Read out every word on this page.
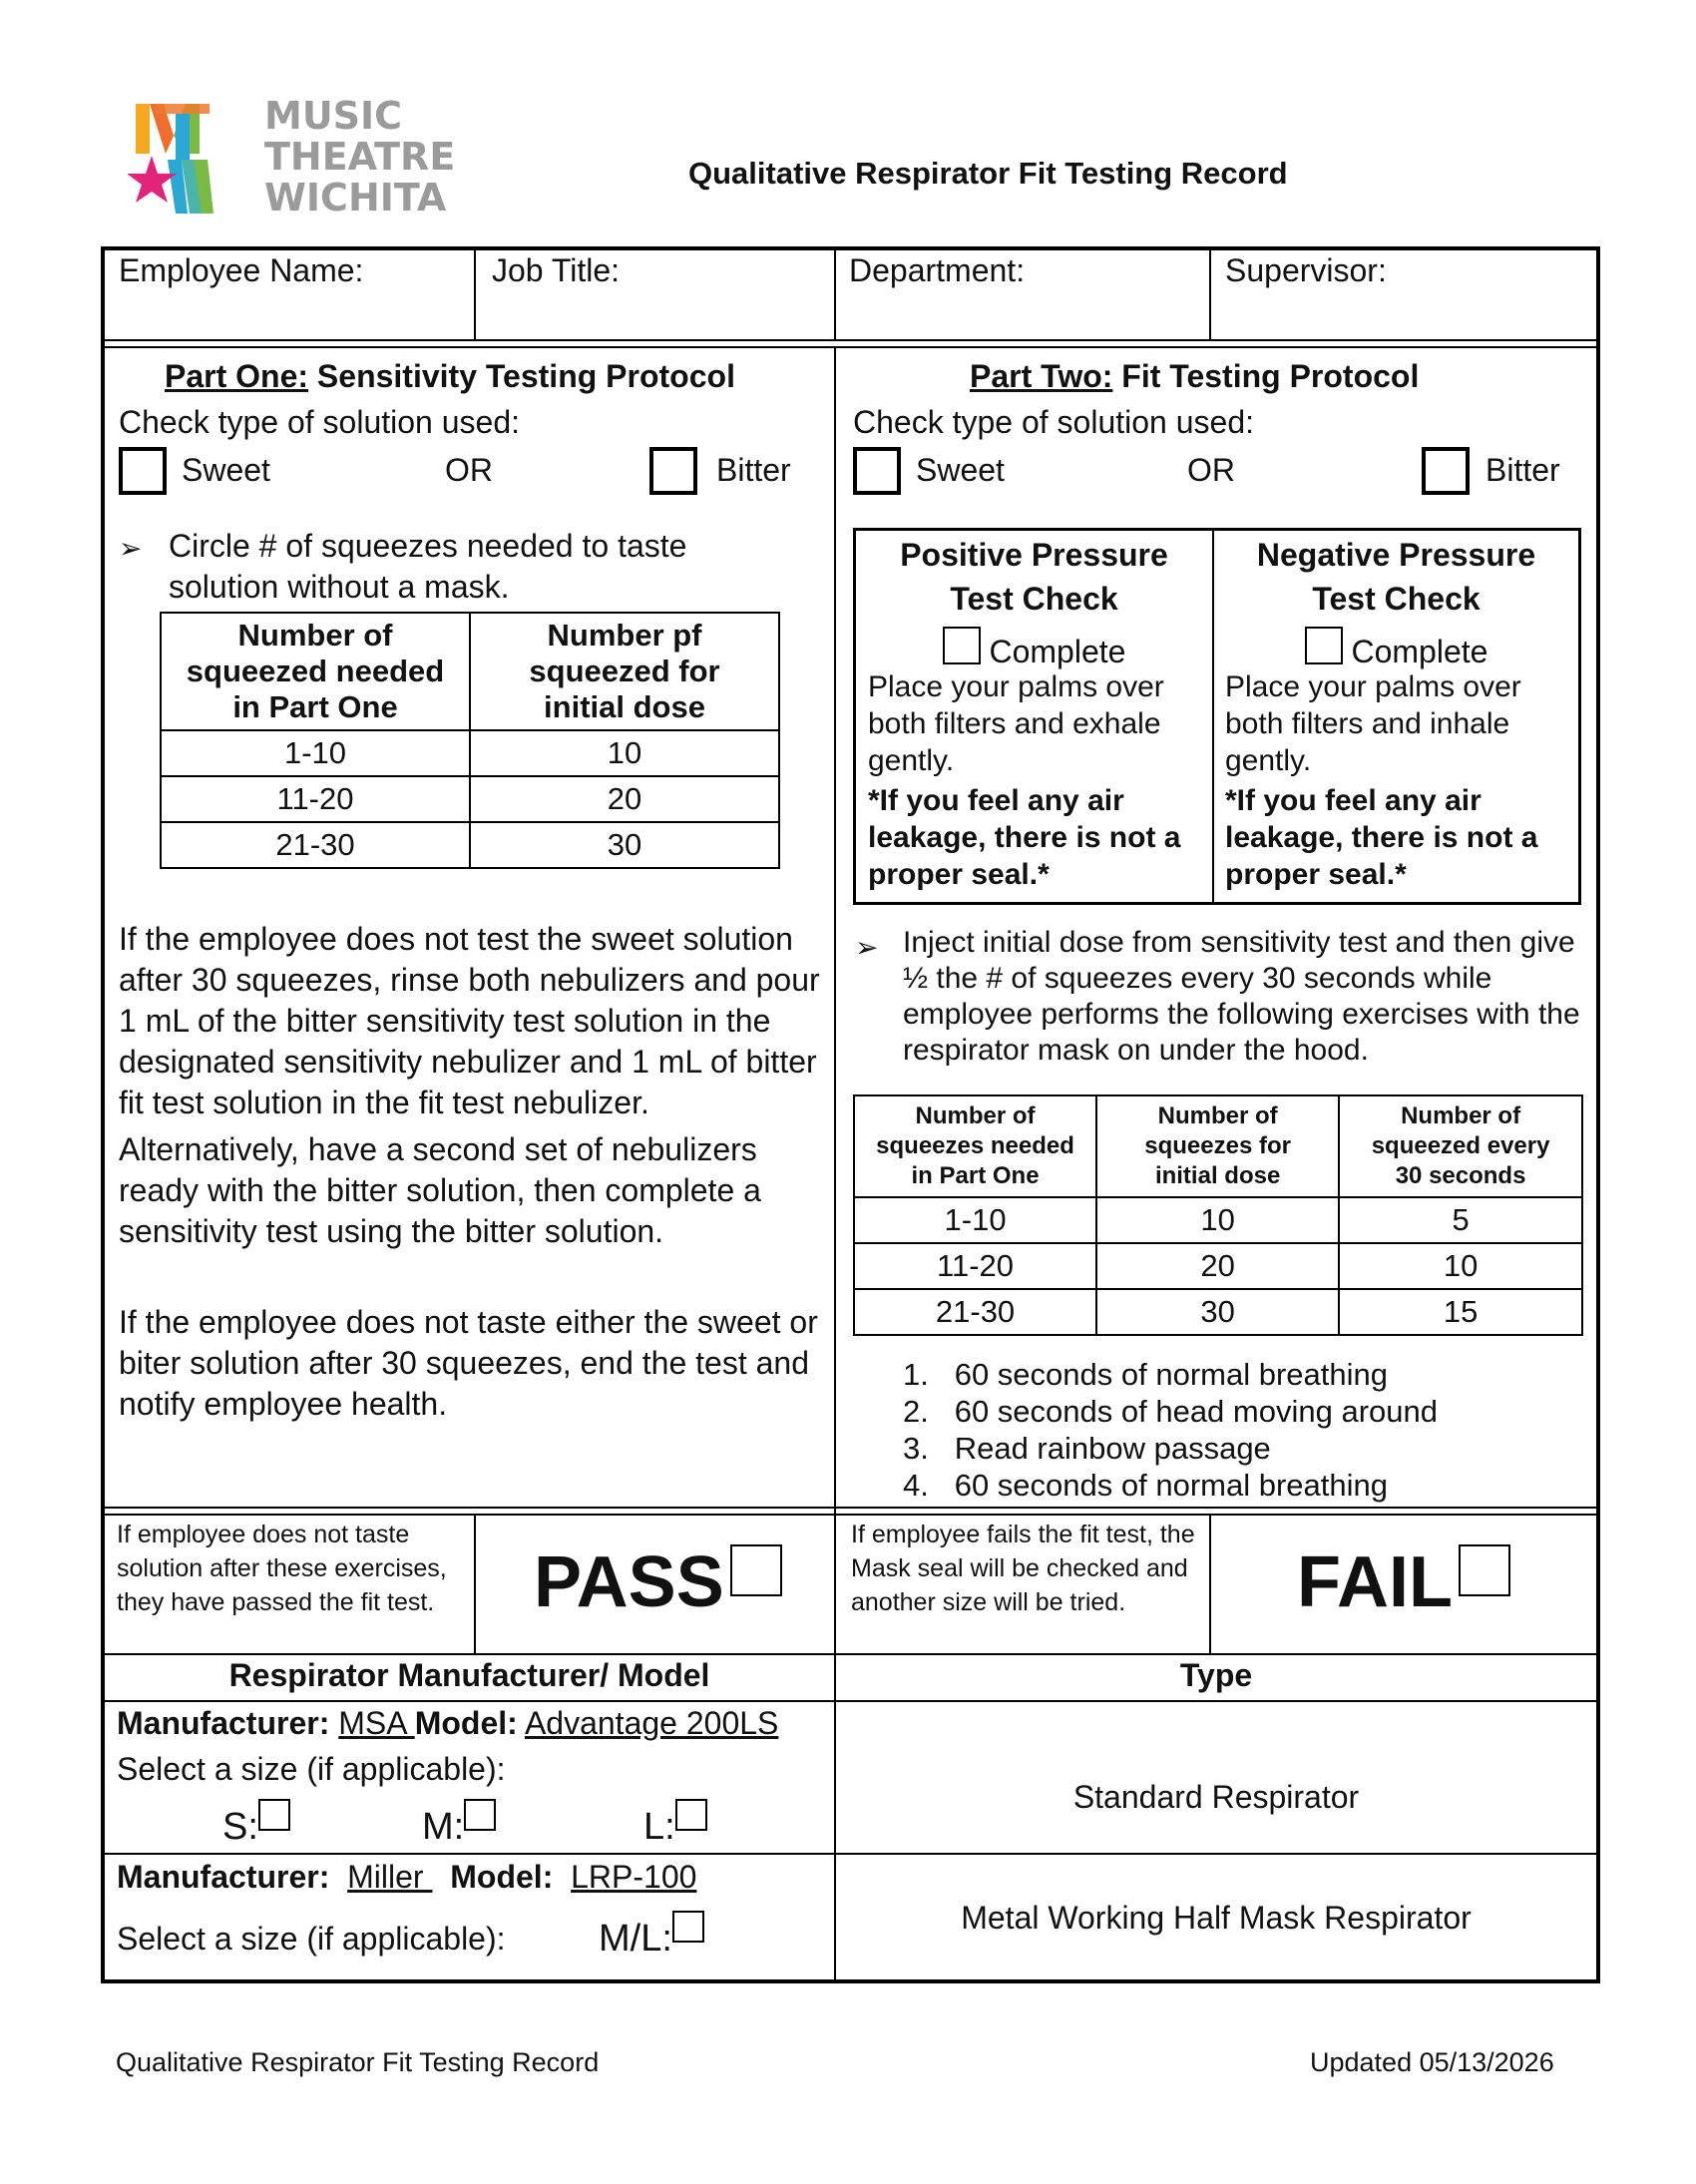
MUSIC
THEATRE
WICHITA
Qualitative Respirator Fit Testing Record
Employee Name:	Job Title:	Department:	Supervisor:
Part One: Sensitivity Testing Protocol
Check type of solution used:
Sweet	OR	Bitter
➢ Circle # of squeezes needed to taste solution without a mask.
Number of squeezed needed in Part One	Number pf squeezed for initial dose
1-10	10
11-20	20
21-30	30
If the employee does not test the sweet solution after 30 squeezes, rinse both nebulizers and pour 1 mL of the bitter sensitivity test solution in the designated sensitivity nebulizer and 1 mL of bitter fit test solution in the fit test nebulizer.
Alternatively, have a second set of nebulizers ready with the bitter solution, then complete a sensitivity test using the bitter solution.
If the employee does not taste either the sweet or biter solution after 30 squeezes, end the test and notify employee health.
Part Two: Fit Testing Protocol
Check type of solution used:
Sweet	OR	Bitter
Positive Pressure
Test Check
Complete
Place your palms over both filters and exhale gently.
*If you feel any air leakage, there is not a proper seal.*
Negative Pressure
Test Check
Complete
Place your palms over both filters and inhale gently.
*If you feel any air leakage, there is not a proper seal.*
➢ Inject initial dose from sensitivity test and then give ½ the # of squeezes every 30 seconds while employee performs the following exercises with the respirator mask on under the hood.
Number of squeezes needed in Part One	Number of squeezes for initial dose	Number of squeezed every 30 seconds
1-10	10	5
11-20	20	10
21-30	30	15
1.   60 seconds of normal breathing
2.   60 seconds of head moving around
3.   Read rainbow passage
4.   60 seconds of normal breathing
If employee does not taste solution after these exercises, they have passed the fit test.	PASS
If employee fails the fit test, the Mask seal will be checked and another size will be tried.	FAIL
Respirator Manufacturer/ Model	Type
Manufacturer: MSA Model: Advantage 200LS
Select a size (if applicable):
S:	M:	L:
Standard Respirator
Manufacturer:  Miller   Model:  LRP-100
Select a size (if applicable): M/L:	Metal Working Half Mask Respirator
Qualitative Respirator Fit Testing Record	Updated 05/13/2026
